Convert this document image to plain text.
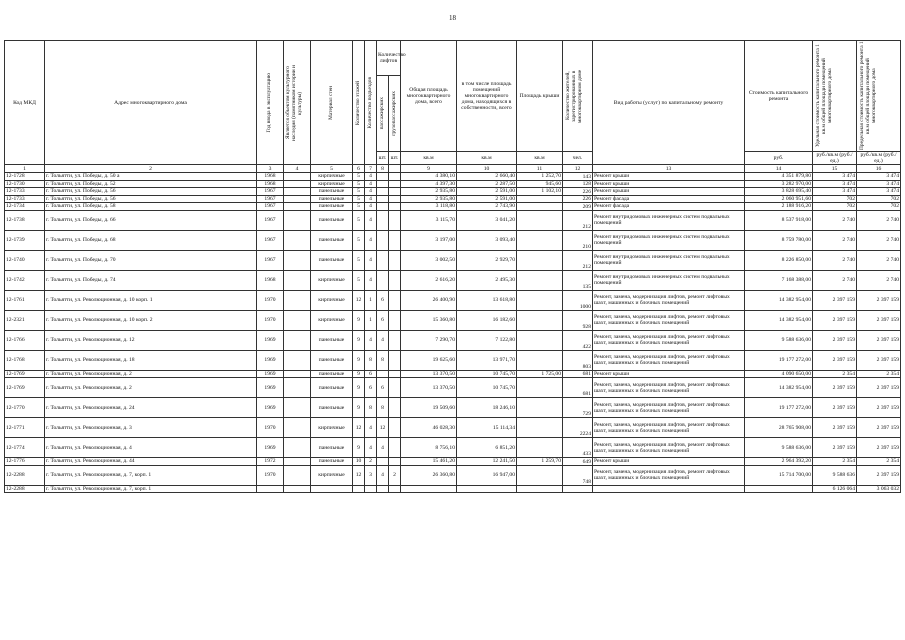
18
Код МКД	Адрес многоквартирного дома	Год ввода в эксплуатацию	Является объектом культурного наследия (памятником истории и культуры)	Материал стен	Количество этажей	Количество подъездов	Количество лифтов		Общая площадь многоквартирного дома, всего	в том числе площадь помещений многоквартирного дома, находящихся в собственности, всего	Площадь крыши	Количество жителей, зарегистрированных в многоквартирном доме	Вид работы (услуг) по капитальному ремонту	Стоимость капитального ремонта	Удельная стоимость капитального ремонта 1 кв.м общей площади помещений многоквартирного дома	Предельная стоимость капитального ремонта 1 кв.м общей площади помещений многоквартирного дома

							пассажирских	грузопассажирских								

							шт.	шт.	кв.м	кв.м	кв.м	чел.		руб.	руб./кв.м (руб./ед.)	руб./кв.м (руб./ед.)
1	2	3	4	5	6	7	8		9	10	11	12	13	14	15	16
12-1728	г. Тольятти, ул. Победы, д. 50 а	1968		кирпичные	5	4			4 380,10	2 660,40	1 252,70	143	Ремонт крыши	4 351 879,80	3 474	3 474
12-1730	г. Тольятти, ул. Победы, д. 52	1968		кирпичные	5	4			4 397,30	2 287,50	945,60	128	Ремонт крыши	3 282 970,00	3 474	3 474
12-1733	г. Тольятти, ул. Победы, д. 56	1967		панельные	5	4			2 935,80	2 591,00	1 102,10	226	Ремонт крыши	3 828 695,40	3 474	3 474
12-1733	г. Тольятти, ул. Победы, д. 56	1967		панельные	5	4			2 935,80	2 591,00		226	Ремонт фасада	2 060 951,60	702	702
12-1734	г. Тольятти, ул. Победы, д. 58	1967		панельные	5	4			3 118,80	2 743,90		209	Ремонт фасада	2 188 916,20	702	702
12-1738	г. Тольятти, ул. Победы, д. 66	1967		панельные	5	4			3 115,70	3 041,20		212	Ремонт внутридомовых инженерных систем подвальных помещений	8 537 918,00	2 740	2 740
12-1739	г. Тольятти, ул. Победы, д. 68	1967		панельные	5	4			3 197,00	3 093,40		210	Ремонт внутридомовых инженерных систем подвальных помещений	8 759 780,00	2 740	2 740
12-1740	г. Тольятти, ул. Победы, д. 70	1967		панельные	5	4			3 002,50	2 929,70		212	Ремонт внутридомовых инженерных систем подвальных помещений	8 226 850,00	2 740	2 740
12-1742	г. Тольятти, ул. Победы, д. 74	1968		кирпичные	5	4			2 616,20	2 495,30		135	Ремонт внутридомовых инженерных систем подвальных помещений	7 168 388,00	2 740	2 740
12-1761	г. Тольятти, ул. Революционная, д. 10 корп. 1	1970		кирпичные	12	1	6		26 400,90	13 618,80		1000	Ремонт, замена, модернизация лифтов, ремонт лифтовых шахт, машинных и блочных помещений	14 382 954,00	2 397 159	2 397 159
12-2321	г. Тольятти, ул. Революционная, д. 10 корп. 2	1970		кирпичные	9	1	6		15 360,80	16 182,60		928	Ремонт, замена, модернизация лифтов, ремонт лифтовых шахт, машинных и блочных помещений	14 382 954,00	2 397 159	2 397 159
12-1766	г. Тольятти, ул. Революционная, д. 12	1969		панельные	9	4	4		7 290,70	7 122,80		422	Ремонт, замена, модернизация лифтов, ремонт лифтовых шахт, машинных и блочных помещений	9 588 636,00	2 397 159	2 397 159
12-1768	г. Тольятти, ул. Революционная, д. 18	1969		панельные	9	8	8		19 625,60	13 971,70		803	Ремонт, замена, модернизация лифтов, ремонт лифтовых шахт, машинных и блочных помещений	19 177 272,00	2 397 159	2 397 159
12-1769	г. Тольятти, ул. Революционная, д. 2	1969		панельные	9	6			13 370,50	10 745,70	1 725,00	681	Ремонт крыши	4 090 650,00	2 354	2 354
12-1769	г. Тольятти, ул. Революционная, д. 2	1969		панельные	9	6	6		13 370,50	10 745,70		681	Ремонт, замена, модернизация лифтов, ремонт лифтовых шахт, машинных и блочных помещений	14 382 954,00	2 397 159	2 397 159
12-1770	г. Тольятти, ул. Революционная, д. 24	1969		панельные	9	8	8		19 509,60	18 246,10		729	Ремонт, замена, модернизация лифтов, ремонт лифтовых шахт, машинных и блочных помещений	19 177 272,00	2 397 159	2 397 159
12-1771	г. Тольятти, ул. Революционная, д. 3	1970		кирпичные	12	4	12		46 028,30	15 114,34		2224	Ремонт, замена, модернизация лифтов, ремонт лифтовых шахт, машинных и блочных помещений	28 765 908,00	2 397 159	2 397 159
12-1774	г. Тольятти, ул. Революционная, д. 4	1969		панельные	9	4	4		8 756,10	6 851,20		433	Ремонт, замена, модернизация лифтов, ремонт лифтовых шахт, машинных и блочных помещений	9 588 636,00	2 397 159	2 397 159
12-1776	г. Тольятти, ул. Революционная, д. 44	1972		панельные	10	2			15 461,20	12 241,50	1 259,70	649	Ремонт крыши	2 964 392,20	2 354	2 354
12-2288	г. Тольятти, ул. Революционная, д. 7, корп. 1	1970		кирпичные	12	3	4	2	26 360,80	16 947,00		748	Ремонт, замена, модернизация лифтов, ремонт лифтовых шахт, машинных и блочных помещений	15 714 700,00	9 588 636	2 397 159
12-2288	г. Тольятти, ул. Революционная, д. 7, корп. 1														6 126 064	3 063 032
